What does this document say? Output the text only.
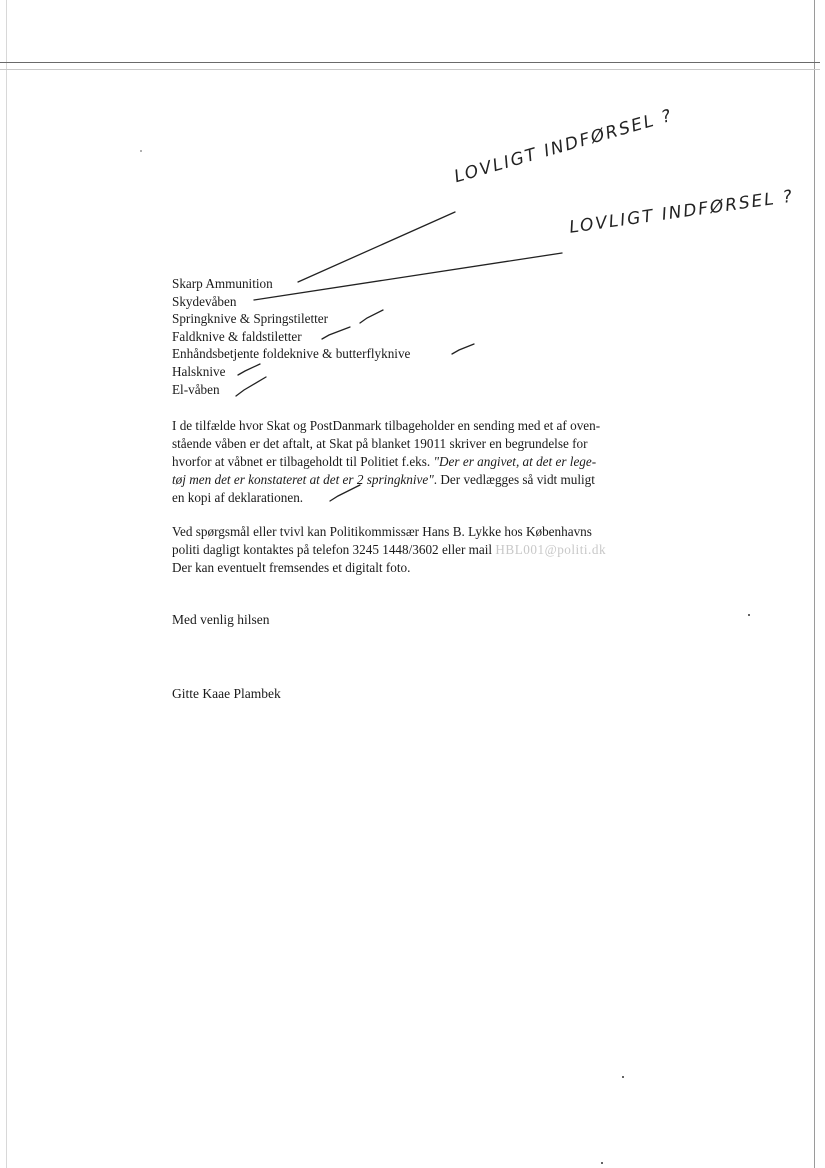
LOVLIGT INDFØRSEL ?
LOVLIGT INDFØRSEL ?
Skarp Ammunition
Skydevåben
Springknive & Springstiletter
Faldknive & faldstiletter
Enhåndsbetjente foldeknive & butterflyknive
Halsknive
El-våben
I de tilfælde hvor Skat og PostDanmark tilbageholder en sending med et af oven-
stående våben er det aftalt, at Skat på blanket 19011 skriver en begrundelse for
hvorfor at våbnet er tilbageholdt til Politiet f.eks. "Der er angivet, at det er lege-
tøj men det er konstateret at det er 2 springknive". Der vedlægges så vidt muligt
en kopi af deklarationen.
Ved spørgsmål eller tvivl kan Politikommissær Hans B. Lykke hos Københavns
politi dagligt kontaktes på telefon 3245 1448/3602 eller mail HBL001@politi.dk
Der kan eventuelt fremsendes et digitalt foto.
Med venlig hilsen
Gitte Kaae Plambek
